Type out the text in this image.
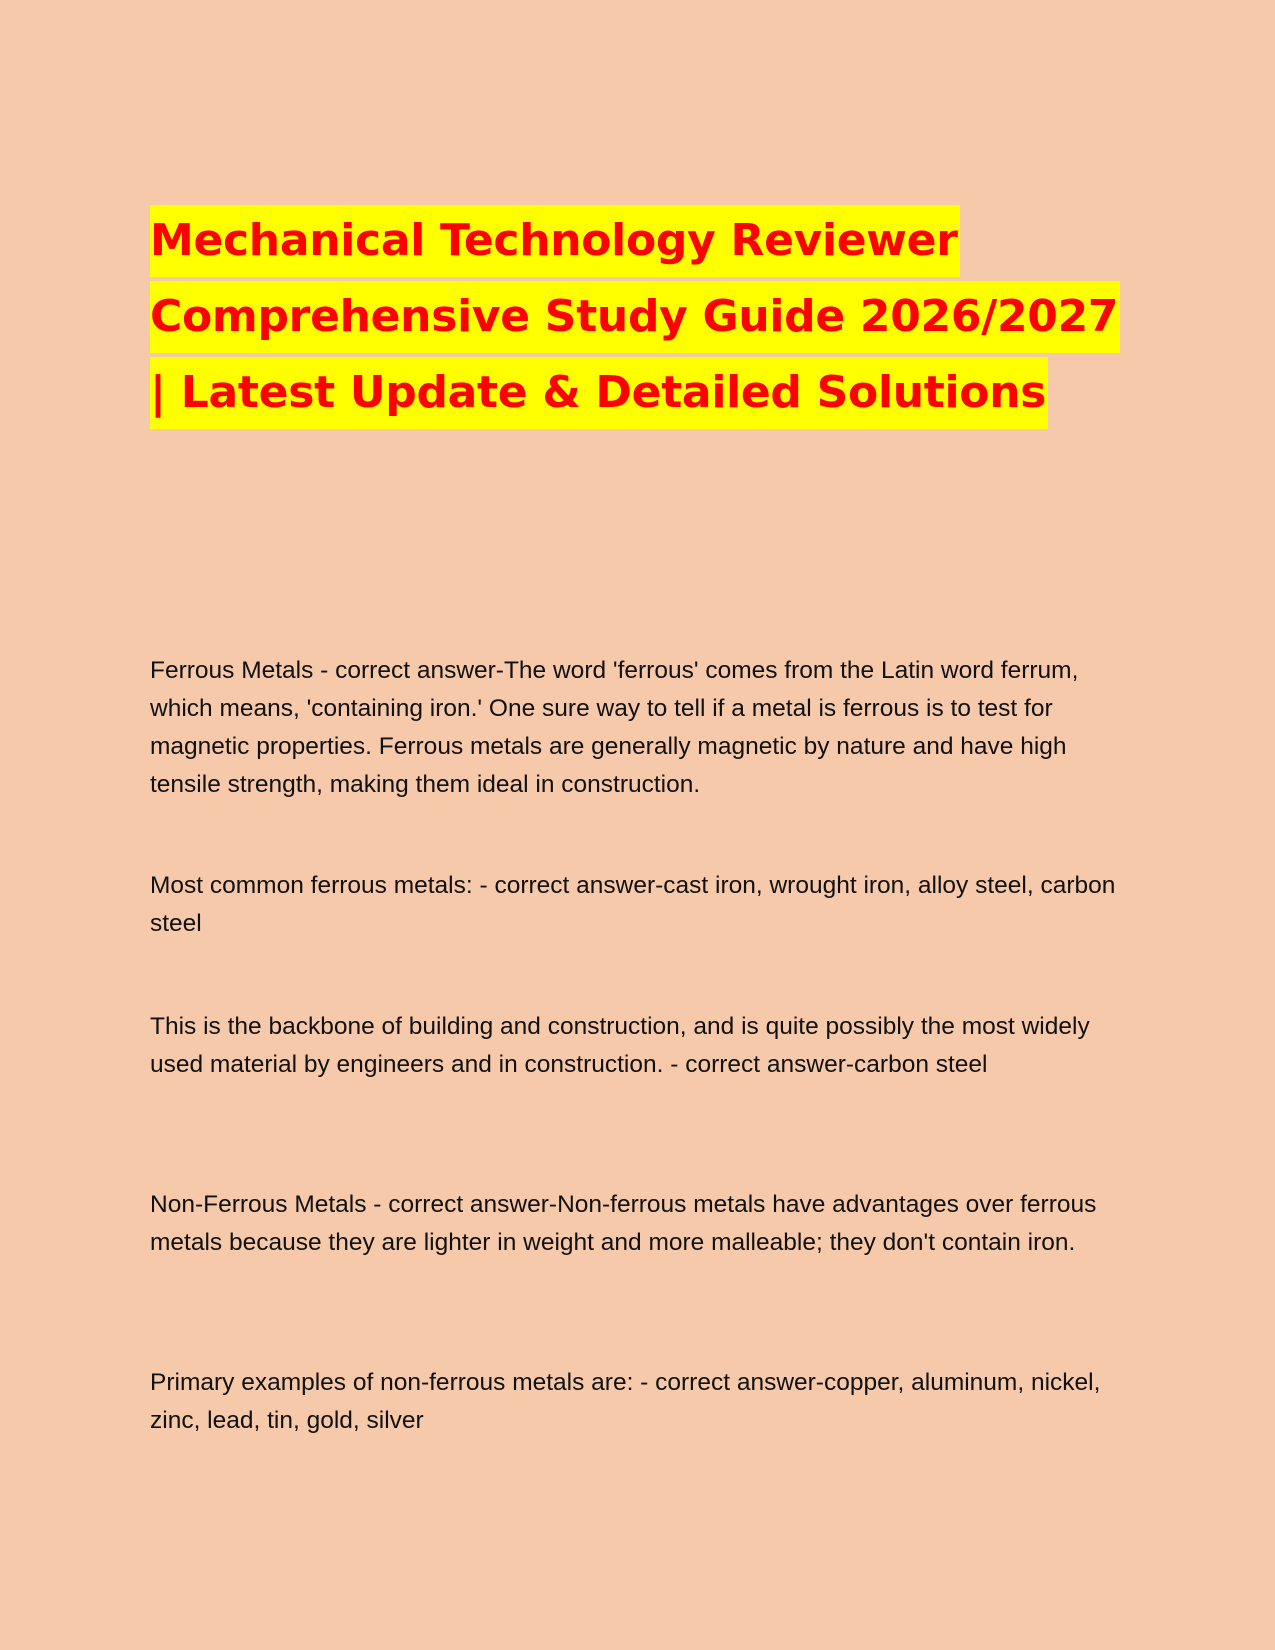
Mechanical Technology Reviewer
Comprehensive Study Guide 2026/2027
| Latest Update & Detailed Solutions

Ferrous Metals - correct answer-The word 'ferrous' comes from the Latin word ferrum, which means, 'containing iron.' One sure way to tell if a metal is ferrous is to test for magnetic properties. Ferrous metals are generally magnetic by nature and have high tensile strength, making them ideal in construction.

Most common ferrous metals: - correct answer-cast iron, wrought iron, alloy steel, carbon steel

This is the backbone of building and construction, and is quite possibly the most widely used material by engineers and in construction. - correct answer-carbon steel

Non-Ferrous Metals - correct answer-Non-ferrous metals have advantages over ferrous metals because they are lighter in weight and more malleable; they don't contain iron.

Primary examples of non-ferrous metals are: - correct answer-copper, aluminum, nickel, zinc, lead, tin, gold, silver
